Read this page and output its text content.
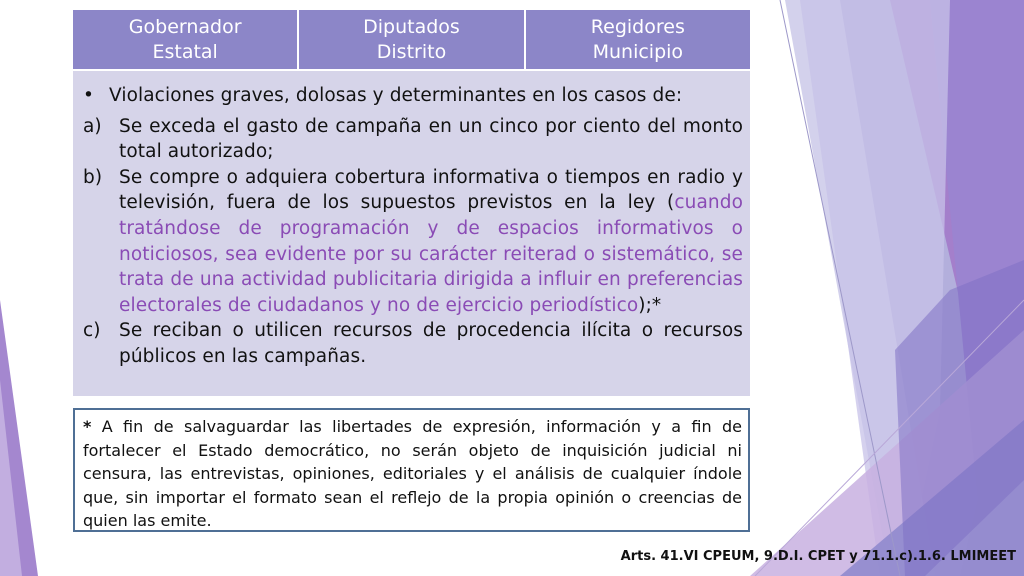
Gobernador
Estatal
Diputados
Distrito
Regidores
Municipio
• Violaciones graves, dolosas y determinantes en los casos de:
a) Se exceda el gasto de campaña en un cinco por ciento del monto total autorizado;
b) Se compre o adquiera cobertura informativa o tiempos en radio y televisión, fuera de los supuestos previstos en la ley (cuando tratándose de programación y de espacios informativos o noticiosos, sea evidente por su carácter reiterad o sistemático, se trata de una actividad publicitaria dirigida a influir en preferencias electorales de ciudadanos y no de ejercicio periodístico);*
c) Se reciban o utilicen recursos de procedencia ilícita o recursos públicos en las campañas.
* A fin de salvaguardar las libertades de expresión, información y a fin de fortalecer el Estado democrático, no serán objeto de inquisición judicial ni censura, las entrevistas, opiniones, editoriales y el análisis de cualquier índole que, sin importar el formato sean el reflejo de la propia opinión o creencias de quien las emite.
Arts. 41.VI CPEUM, 9.D.I. CPET y 71.1.c).1.6. LMIMEET
